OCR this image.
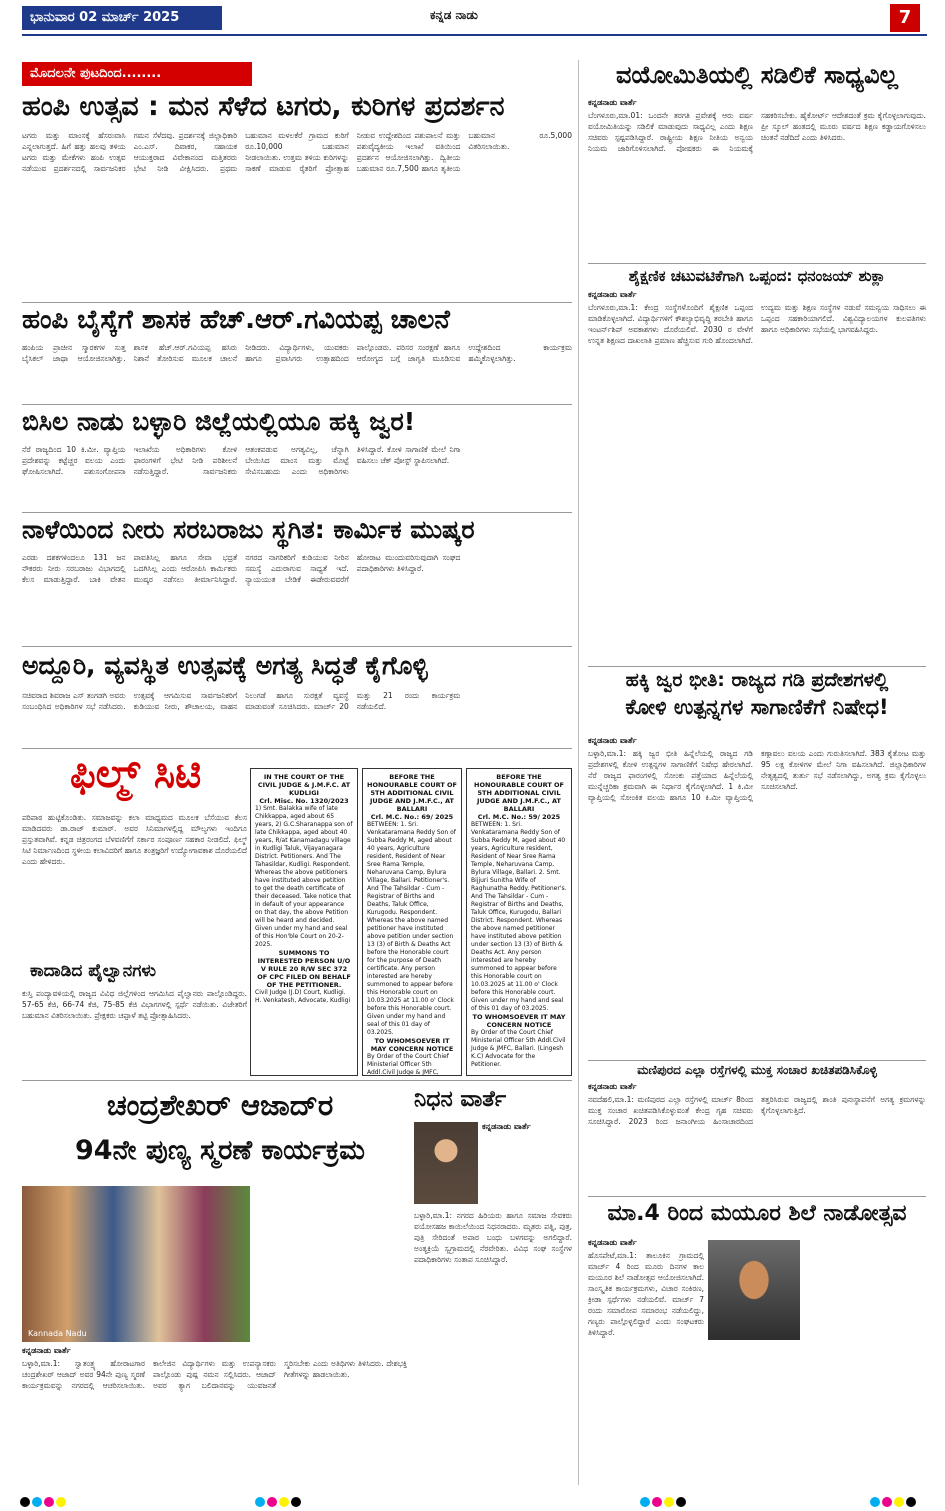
ಭಾನುವಾರ 02 ಮಾರ್ಚ್ 2025	ಕನ್ನಡ ನಾಡು	7
ಮೊದಲನೇ ಪುಟದಿಂದ........
ಹಂಪಿ ಉತ್ಸವ : ಮನ ಸೆಳೆದ ಟಗರು, ಕುರಿಗಳ ಪ್ರದರ್ಶನ
ಟಗರು ಮತ್ತು ಮಾಂಸಕ್ಕೆ ಹೆಸರುವಾಸಿ ಎನ್ನಲಾಗುತ್ತದೆ. ಹಿಗೆ ಹತ್ತು ಹಲವು ತಳಿಯ ಟಗರು ಮತ್ತು ಮೇಕೆಗಳು ಹಂಪಿ ಉತ್ಸವ ನಡೆಯುವ ಪ್ರದರ್ಶನದಲ್ಲಿ ಸಾರ್ವಜನಿಕರ ಗಮನ ಸೆಳೆದವು. ಪ್ರದರ್ಶನಕ್ಕೆ ಜಿಲ್ಲಾಧಿಕಾರಿ ಎಂ.ಎಸ್. ದಿವಾಕರ, ಸಹಾಯಕ ಆಯುಕ್ತರಾದ ವಿವೇಕಾನಂದ ಮತ್ತಿತರರು ಭೇಟಿ ನೀಡಿ ವೀಕ್ಷಿಸಿದರು. ಪ್ರಥಮ ಬಹುಮಾನ ಮಳಲಕೆರೆ ಗ್ರಾಮದ ಕುರಿಗೆ ರೂ.10,000 ಬಹುಮಾನ ನೀಡಲಾಯಿತು. ಉತ್ತಮ ತಳಿಯ ಕುರಿಗಳನ್ನು ಸಾಕಣೆ ಮಾಡುವ ರೈತರಿಗೆ ಪ್ರೋತ್ಸಾಹ ನೀಡುವ ಉದ್ದೇಶದಿಂದ ಪಶುಪಾಲನೆ ಮತ್ತು ಪಶುವೈದ್ಯಕೀಯ ಇಲಾಖೆ ವತಿಯಿಂದ ಪ್ರದರ್ಶನ ಆಯೋಜಿಸಲಾಗಿತ್ತು. ದ್ವಿತೀಯ ಬಹುಮಾನ ರೂ.7,500 ಹಾಗೂ ತೃತೀಯ ಬಹುಮಾನ ರೂ.5,000 ವಿತರಿಸಲಾಯಿತು.
ಹಂಪಿ ಬೈಸ್ಕೆಗೆ ಶಾಸಕ ಹೆಚ್.ಆರ್.ಗವಿಯಪ್ಪ ಚಾಲನೆ
ಹಂಪಿಯ ಪ್ರಾಚೀನ ಸ್ಮಾರಕಗಳ ಸುತ್ತ ಬೈಸಿಕಲ್ ಜಾಥಾ ಆಯೋಜಿಸಲಾಗಿತ್ತು. ಶಾಸಕ ಹೆಚ್.ಆರ್.ಗವಿಯಪ್ಪ ಹಸಿರು ನಿಶಾನೆ ತೋರಿಸುವ ಮೂಲಕ ಚಾಲನೆ ನೀಡಿದರು. ವಿದ್ಯಾರ್ಥಿಗಳು, ಯುವಕರು ಹಾಗೂ ಪ್ರವಾಸಿಗರು ಉತ್ಸಾಹದಿಂದ ಪಾಲ್ಗೊಂಡರು. ಪರಿಸರ ಸಂರಕ್ಷಣೆ ಹಾಗೂ ಆರೋಗ್ಯದ ಬಗ್ಗೆ ಜಾಗೃತಿ ಮೂಡಿಸುವ ಉದ್ದೇಶದಿಂದ ಕಾರ್ಯಕ್ರಮ ಹಮ್ಮಿಕೊಳ್ಳಲಾಗಿತ್ತು.
ಬಿಸಿಲ ನಾಡು ಬಳ್ಳಾರಿ ಜಿಲ್ಲೆಯಲ್ಲಿಯೂ ಹಕ್ಕಿ ಜ್ವರ!
ನೆರೆ ರಾಜ್ಯದಿಂದ 10 ಕಿ.ಮೀ. ವ್ಯಾಪ್ತಿಯ ಪ್ರದೇಶವನ್ನು ಕಟ್ಟೆಚ್ಚರ ವಲಯ ಎಂದು ಘೋಷಿಸಲಾಗಿದೆ. ಪಶುಸಂಗೋಪನಾ ಇಲಾಖೆಯ ಅಧಿಕಾರಿಗಳು ಕೋಳಿ ಫಾರಂಗಳಿಗೆ ಭೇಟಿ ನೀಡಿ ಪರಿಶೀಲನೆ ನಡೆಸುತ್ತಿದ್ದಾರೆ. ಸಾರ್ವಜನಿಕರು ಆತಂಕಪಡುವ ಅಗತ್ಯವಿಲ್ಲ, ಚೆನ್ನಾಗಿ ಬೇಯಿಸಿದ ಮಾಂಸ ಮತ್ತು ಮೊಟ್ಟೆ ಸೇವಿಸಬಹುದು ಎಂದು ಅಧಿಕಾರಿಗಳು ತಿಳಿಸಿದ್ದಾರೆ. ಕೋಳಿ ಸಾಗಾಣಿಕೆ ಮೇಲೆ ನಿಗಾ ವಹಿಸಲು ಚೆಕ್ ಪೋಸ್ಟ್ ಸ್ಥಾಪಿಸಲಾಗಿದೆ.
ನಾಳೆಯಿಂದ ನೀರು ಸರಬರಾಜು ಸ್ಥಗಿತ: ಕಾರ್ಮಿಕ ಮುಷ್ಕರ
ಎರಡು ದಶಕಗಳಿಂದಲೂ 131 ಜನ ನೌಕರರು ನೀರು ಸರಬರಾಜು ವಿಭಾಗದಲ್ಲಿ ಕೆಲಸ ಮಾಡುತ್ತಿದ್ದಾರೆ. ಬಾಕಿ ವೇತನ ಪಾವತಿಸಿಲ್ಲ ಹಾಗೂ ಸೇವಾ ಭದ್ರತೆ ಒದಗಿಸಿಲ್ಲ ಎಂದು ಆರೋಪಿಸಿ ಕಾರ್ಮಿಕರು ಮುಷ್ಕರ ನಡೆಸಲು ತೀರ್ಮಾನಿಸಿದ್ದಾರೆ. ನಗರದ ನಾಗರಿಕರಿಗೆ ಕುಡಿಯುವ ನೀರಿನ ಸಮಸ್ಯೆ ಎದುರಾಗುವ ಸಾಧ್ಯತೆ ಇದೆ. ನ್ಯಾಯಯುತ ಬೇಡಿಕೆ ಈಡೇರುವವರೆಗೆ ಹೋರಾಟ ಮುಂದುವರಿಸುವುದಾಗಿ ಸಂಘದ ಪದಾಧಿಕಾರಿಗಳು ತಿಳಿಸಿದ್ದಾರೆ.
ಅದ್ದೂರಿ, ವ್ಯವಸ್ಥಿತ ಉತ್ಸವಕ್ಕೆ ಅಗತ್ಯ ಸಿದ್ಧತೆ ಕೈಗೊಳ್ಳಿ
ಸಚಿವರಾದ ಶಿವರಾಜ ಎಸ್ ತಂಗಡಗಿ ಅವರು ಸಂಬಂಧಿಸಿದ ಅಧಿಕಾರಿಗಳ ಸಭೆ ನಡೆಸಿದರು. ಉತ್ಸವಕ್ಕೆ ಆಗಮಿಸುವ ಸಾರ್ವಜನಿಕರಿಗೆ ಕುಡಿಯುವ ನೀರು, ಶೌಚಾಲಯ, ವಾಹನ ನಿಲುಗಡೆ ಹಾಗೂ ಸುರಕ್ಷತೆ ವ್ಯವಸ್ಥೆ ಮಾಡುವಂತೆ ಸೂಚಿಸಿದರು. ಮಾರ್ಚ್ 20 ಮತ್ತು 21 ರಂದು ಕಾರ್ಯಕ್ರಮ ನಡೆಯಲಿದೆ.
ಫಿಲ್ಮ್ ಸಿಟಿ
ಪರಿಪಾಠ ಹುಟ್ಟಿಕೊಂಡಿತು. ಸಮಾಜವನ್ನು ಕಲಾ ಮಾಧ್ಯಮದ ಮೂಲಕ ಬೆಸೆಯುವ ಕೆಲಸ ಮಾಡಿದವರು ಡಾ.ರಾಜ್ ಕುಮಾರ್. ಅವರ ಸಿನಿಮಾಗಳಲ್ಲಿದ್ದ ಮೌಲ್ಯಗಳು ಇಂದಿಗೂ ಪ್ರಸ್ತುತವಾಗಿವೆ. ಕನ್ನಡ ಚಿತ್ರರಂಗದ ಬೆಳವಣಿಗೆಗೆ ಸರ್ಕಾರ ಸಂಪೂರ್ಣ ಸಹಕಾರ ನೀಡಲಿದೆ. ಫಿಲ್ಮ್ ಸಿಟಿ ನಿರ್ಮಾಣದಿಂದ ಸ್ಥಳೀಯ ಕಲಾವಿದರಿಗೆ ಹಾಗೂ ತಂತ್ರಜ್ಞರಿಗೆ ಉದ್ಯೋಗಾವಕಾಶ ದೊರೆಯಲಿದೆ ಎಂದು ಹೇಳಿದರು.
ಕಾದಾಡಿದ ಪೈಲ್ವಾನಗಳು
ಕುಸ್ತಿ ಪಂದ್ಯಾವಳಿಯಲ್ಲಿ ರಾಜ್ಯದ ವಿವಿಧ ಜಿಲ್ಲೆಗಳಿಂದ ಆಗಮಿಸಿದ ಪೈಲ್ವಾನರು ಪಾಲ್ಗೊಂಡಿದ್ದರು. 57-65 ಕೆಜಿ, 66-74 ಕೆಜಿ, 75-85 ಕೆಜಿ ವಿಭಾಗಗಳಲ್ಲಿ ಸ್ಪರ್ಧೆ ನಡೆಯಿತು. ವಿಜೇತರಿಗೆ ಬಹುಮಾನ ವಿತರಿಸಲಾಯಿತು. ಪ್ರೇಕ್ಷಕರು ಚಪ್ಪಾಳೆ ತಟ್ಟಿ ಪ್ರೋತ್ಸಾಹಿಸಿದರು.
IN THE COURT OF THE CIVIL JUDGE & J.M.F.C. AT KUDLIGI
Crl. Misc. No. 1320/2023
1) Smt. Balakka wife of late Chikkappa, aged about 65 years, 2) G.C.Sharanappa son of late Chikkappa, aged about 40 years, R/at Kanamadagu village in Kudligi Taluk, Vijayanagara District. Petitioners. And The Tahasildar, Kudligi. Respondent. Whereas the above petitioners have instituted above petition to get the death certificate of their deceased. Take notice that in default of your appearance on that day, the above Petition will be heard and decided. Given under my hand and seal of this Hon'ble Court on 20-2-2025.
SUMMONS TO INTERESTED PERSON U/O V RULE 20 R/W SEC 372 OF CPC FILED ON BEHALF OF THE PETITIONER.
Civil Judge (J.D) Court, Kudligi. H. Venkatesh, Advocate, Kudligi
BEFORE THE HONOURABLE COURT OF 5TH ADDITIONAL CIVIL JUDGE AND J.M.F.C., AT BALLARI
Crl. M.C. No.: 69/ 2025
BETWEEN: 1. Sri. Venkataramana Reddy Son of Subba Reddy M, aged about 40 years, Agriculture resident, Resident of Near Sree Rama Temple, Neharuvana Camp, Bylura Village, Ballari. Petitioner's. And The Tahsildar - Cum - Registrar of Births and Deaths, Taluk Office, Kurugodu. Respondent. Whereas the above named petitioner have instituted above petition under section 13 (3) of Birth & Deaths Act before the Honorable court for the purpose of Death certificate. Any person interested are hereby summoned to appear before this Honorable court on 10.03.2025 at 11.00 o' Clock before this Honorable court. Given under my hand and seal of this 01 day of 03.2025.
TO WHOMSOEVER IT MAY CONCERN NOTICE
By Order of the Court Chief Ministerial Officer 5th Addl.Civil Judge & JMFC,
BEFORE THE HONOURABLE COURT OF 5TH ADDITIONAL CIVIL JUDGE AND J.M.F.C., AT BALLARI
Crl. M.C. No.: 59/ 2025
BETWEEN: 1. Sri. Venkataramana Reddy Son of Subba Reddy M, aged about 40 years, Agriculture resident, Resident of Near Sree Rama Temple, Neharuvana Camp, Bylura Village, Ballari. 2. Smt. Bijjuri Sunitha Wife of Raghunatha Reddy. Petitioner's. And The Tahsildar - Cum - Registrar of Births and Deaths, Taluk Office, Kurugodu, Ballari District. Respondent. Whereas the above named petitioner have instituted above petition under section 13 (3) of Birth & Deaths Act. Any person interested are hereby summoned to appear before this Honorable court on 10.03.2025 at 11.00 o' Clock before this Honorable court. Given under my hand and seal of this 01 day of 03.2025.
TO WHOMSOEVER IT MAY CONCERN NOTICE
By Order of the Court Chief Ministerial Officer 5th Addl.Civil Judge & JMFC, Ballari. (Lingesh K.C) Advocate for the Petitioner.
ಚಂದ್ರಶೇಖರ್ ಆಜಾದ್‌ರ
94ನೇ ಪುಣ್ಯ ಸ್ಮರಣೆ ಕಾರ್ಯಕ್ರಮ
Kannada Nadu
ಕನ್ನಡನಾಡು ವಾರ್ತೆ
ಬಳ್ಳಾರಿ,ಮಾ.1: ಸ್ವಾತಂತ್ರ್ಯ ಹೋರಾಟಗಾರ ಚಂದ್ರಶೇಖರ್ ಆಜಾದ್ ಅವರ 94ನೇ ಪುಣ್ಯ ಸ್ಮರಣೆ ಕಾರ್ಯಕ್ರಮವನ್ನು ನಗರದಲ್ಲಿ ಆಚರಿಸಲಾಯಿತು. ಕಾಲೇಜಿನ ವಿದ್ಯಾರ್ಥಿಗಳು ಮತ್ತು ಉಪನ್ಯಾಸಕರು ಪಾಲ್ಗೊಂಡು ಪುಷ್ಪ ನಮನ ಸಲ್ಲಿಸಿದರು. ಆಜಾದ್ ಅವರ ತ್ಯಾಗ ಬಲಿದಾನವನ್ನು ಯುವಜನತೆ ಸ್ಮರಿಸಬೇಕು ಎಂದು ಅತಿಥಿಗಳು ತಿಳಿಸಿದರು. ದೇಶಭಕ್ತಿ ಗೀತೆಗಳನ್ನು ಹಾಡಲಾಯಿತು.
ನಿಧನ ವಾರ್ತೆ
ಕನ್ನಡನಾಡು ವಾರ್ತೆ
ಬಳ್ಳಾರಿ,ಮಾ.1: ನಗರದ ಹಿರಿಯರು ಹಾಗೂ ಸಮಾಜ ಸೇವಕರು ವಯೋಸಹಜ ಕಾಯಿಲೆಯಿಂದ ನಿಧನರಾದರು. ಮೃತರು ಪತ್ನಿ, ಪುತ್ರ, ಪುತ್ರಿ ಸೇರಿದಂತೆ ಅಪಾರ ಬಂಧು ಬಳಗವನ್ನು ಅಗಲಿದ್ದಾರೆ. ಅಂತ್ಯಕ್ರಿಯೆ ಸ್ವಗ್ರಾಮದಲ್ಲಿ ನೆರವೇರಿತು. ವಿವಿಧ ಸಂಘ ಸಂಸ್ಥೆಗಳ ಪದಾಧಿಕಾರಿಗಳು ಸಂತಾಪ ಸೂಚಿಸಿದ್ದಾರೆ.
ವಯೋಮಿತಿಯಲ್ಲಿ ಸಡಿಲಿಕೆ ಸಾಧ್ಯವಿಲ್ಲ
ಕನ್ನಡನಾಡು ವಾರ್ತೆ
ಬೆಂಗಳೂರು,ಮಾ.01: ಒಂದನೇ ತರಗತಿ ಪ್ರವೇಶಕ್ಕೆ ಆರು ವರ್ಷ ವಯೋಮಿತಿಯನ್ನು ಸಡಿಲಿಕೆ ಮಾಡುವುದು ಸಾಧ್ಯವಿಲ್ಲ ಎಂದು ಶಿಕ್ಷಣ ಸಚಿವರು ಸ್ಪಷ್ಟಪಡಿಸಿದ್ದಾರೆ. ರಾಷ್ಟ್ರೀಯ ಶಿಕ್ಷಣ ನೀತಿಯ ಅನ್ವಯ ನಿಯಮ ಜಾರಿಗೊಳಿಸಲಾಗಿದೆ. ಪೋಷಕರು ಈ ನಿಯಮಕ್ಕೆ ಸಹಕರಿಸಬೇಕು. ಹೈಕೋರ್ಟ್ ಆದೇಶದಂತೆ ಕ್ರಮ ಕೈಗೊಳ್ಳಲಾಗುವುದು. ಪ್ರೀ ಸ್ಕೂಲ್ ಹಂತದಲ್ಲಿ ಮೂರು ವರ್ಷದ ಶಿಕ್ಷಣ ಕಡ್ಡಾಯಗೊಳಿಸಲು ಚಿಂತನೆ ನಡೆದಿದೆ ಎಂದು ತಿಳಿಸಿದರು.
ಶೈಕ್ಷಣಿಕ ಚಟುವಟಿಕೆಗಾಗಿ ಒಪ್ಪಂದ: ಧನಂಜಯ್ ಶುಕ್ಲಾ
ಕನ್ನಡನಾಡು ವಾರ್ತೆ
ಬೆಂಗಳೂರು,ಮಾ.1: ಕೇಂದ್ರ ಸಂಸ್ಥೆಗಳೊಂದಿಗೆ ಶೈಕ್ಷಣಿಕ ಒಪ್ಪಂದ ಮಾಡಿಕೊಳ್ಳಲಾಗಿದೆ. ವಿದ್ಯಾರ್ಥಿಗಳಿಗೆ ಕೌಶಲ್ಯಾಭಿವೃದ್ಧಿ ತರಬೇತಿ ಹಾಗೂ ಇಂಟರ್ನ್‌ಶಿಪ್ ಅವಕಾಶಗಳು ದೊರೆಯಲಿವೆ. 2030 ರ ವೇಳೆಗೆ ಉನ್ನತ ಶಿಕ್ಷಣದ ದಾಖಲಾತಿ ಪ್ರಮಾಣ ಹೆಚ್ಚಿಸುವ ಗುರಿ ಹೊಂದಲಾಗಿದೆ. ಉದ್ಯಮ ಮತ್ತು ಶಿಕ್ಷಣ ಸಂಸ್ಥೆಗಳ ನಡುವೆ ಸಮನ್ವಯ ಸಾಧಿಸಲು ಈ ಒಪ್ಪಂದ ಸಹಕಾರಿಯಾಗಲಿದೆ. ವಿಶ್ವವಿದ್ಯಾಲಯಗಳ ಕುಲಪತಿಗಳು ಹಾಗೂ ಅಧಿಕಾರಿಗಳು ಸಭೆಯಲ್ಲಿ ಭಾಗವಹಿಸಿದ್ದರು.
ಹಕ್ಕಿ ಜ್ವರ ಭೀತಿ: ರಾಜ್ಯದ ಗಡಿ ಪ್ರದೇಶಗಳಲ್ಲಿ
ಕೋಳಿ ಉತ್ಪನ್ನಗಳ ಸಾಗಾಣಿಕೆಗೆ ನಿಷೇಧ!
ಕನ್ನಡನಾಡು ವಾರ್ತೆ
ಬಳ್ಳಾರಿ,ಮಾ.1: ಹಕ್ಕಿ ಜ್ವರ ಭೀತಿ ಹಿನ್ನೆಲೆಯಲ್ಲಿ ರಾಜ್ಯದ ಗಡಿ ಪ್ರದೇಶಗಳಲ್ಲಿ ಕೋಳಿ ಉತ್ಪನ್ನಗಳ ಸಾಗಾಣಿಕೆಗೆ ನಿಷೇಧ ಹೇರಲಾಗಿದೆ. ನೆರೆ ರಾಜ್ಯದ ಫಾರಂಗಳಲ್ಲಿ ಸೋಂಕು ಪತ್ತೆಯಾದ ಹಿನ್ನೆಲೆಯಲ್ಲಿ ಮುನ್ನೆಚ್ಚರಿಕಾ ಕ್ರಮವಾಗಿ ಈ ನಿರ್ಧಾರ ಕೈಗೊಳ್ಳಲಾಗಿದೆ. 1 ಕಿ.ಮೀ ವ್ಯಾಪ್ತಿಯಲ್ಲಿ ಸೋಂಕಿತ ವಲಯ ಹಾಗೂ 10 ಕಿ.ಮೀ ವ್ಯಾಪ್ತಿಯಲ್ಲಿ ಕಣ್ಗಾವಲು ವಲಯ ಎಂದು ಗುರುತಿಸಲಾಗಿದೆ. 383 ಕೈತೋಟ ಮತ್ತು 95 ಲಕ್ಷ ಕೋಳಿಗಳ ಮೇಲೆ ನಿಗಾ ವಹಿಸಲಾಗಿದೆ. ಜಿಲ್ಲಾಧಿಕಾರಿಗಳ ನೇತೃತ್ವದಲ್ಲಿ ತುರ್ತು ಸಭೆ ನಡೆಸಲಾಗಿದ್ದು, ಅಗತ್ಯ ಕ್ರಮ ಕೈಗೊಳ್ಳಲು ಸೂಚಿಸಲಾಗಿದೆ.
ಮಣಿಪುರದ ಎಲ್ಲಾ ರಸ್ತೆಗಳಲ್ಲಿ ಮುಕ್ತ ಸಂಚಾರ ಖಚಿತಪಡಿಸಿಕೊಳ್ಳಿ
ಕನ್ನಡನಾಡು ವಾರ್ತೆ
ನವದೆಹಲಿ,ಮಾ.1: ಮಣಿಪುರದ ಎಲ್ಲಾ ರಸ್ತೆಗಳಲ್ಲಿ ಮಾರ್ಚ್ 8ರಿಂದ ಮುಕ್ತ ಸಂಚಾರ ಖಚಿತಪಡಿಸಿಕೊಳ್ಳುವಂತೆ ಕೇಂದ್ರ ಗೃಹ ಸಚಿವರು ಸೂಚಿಸಿದ್ದಾರೆ. 2023 ರಿಂದ ಜನಾಂಗೀಯ ಹಿಂಸಾಚಾರದಿಂದ ತತ್ತರಿಸಿರುವ ರಾಜ್ಯದಲ್ಲಿ ಶಾಂತಿ ಪುನಃಸ್ಥಾಪನೆಗೆ ಅಗತ್ಯ ಕ್ರಮಗಳನ್ನು ಕೈಗೊಳ್ಳಲಾಗುತ್ತಿದೆ.
ಮಾ.4 ರಿಂದ ಮಯೂರ ಶಿಲೆ ನಾಡೋತ್ಸವ
ಕನ್ನಡನಾಡು ವಾರ್ತೆ
ಹೊಸಪೇಟೆ,ಮಾ.1: ತಾಲೂಕಿನ ಗ್ರಾಮದಲ್ಲಿ ಮಾರ್ಚ್ 4 ರಿಂದ ಮೂರು ದಿನಗಳ ಕಾಲ ಮಯೂರ ಶಿಲೆ ನಾಡೋತ್ಸವ ಆಯೋಜಿಸಲಾಗಿದೆ. ಸಾಂಸ್ಕೃತಿಕ ಕಾರ್ಯಕ್ರಮಗಳು, ವಿಚಾರ ಸಂಕಿರಣ, ಕ್ರೀಡಾ ಸ್ಪರ್ಧೆಗಳು ನಡೆಯಲಿವೆ. ಮಾರ್ಚ್ 7 ರಂದು ಸಮಾರೋಪ ಸಮಾರಂಭ ನಡೆಯಲಿದ್ದು, ಗಣ್ಯರು ಪಾಲ್ಗೊಳ್ಳಲಿದ್ದಾರೆ ಎಂದು ಸಂಘಟಕರು ತಿಳಿಸಿದ್ದಾರೆ.
